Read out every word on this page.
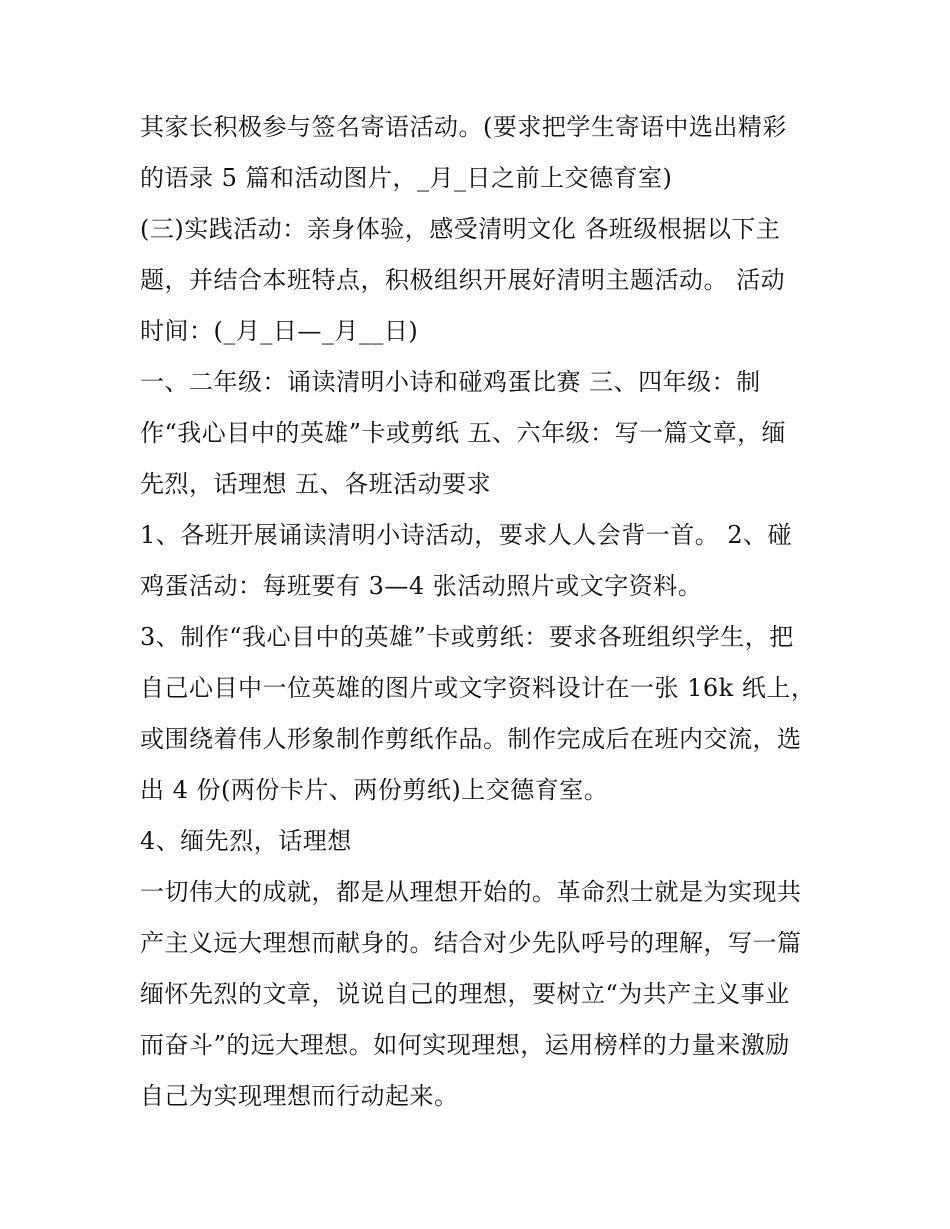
其家长积极参与签名寄语活动。(要求把学生寄语中选出精彩
的语录 5 篇和活动图片，_月_日之前上交德育室)
(三)实践活动：亲身体验，感受清明文化 各班级根据以下主
题，并结合本班特点，积极组织开展好清明主题活动。 活动
时间：(_月_日—_月__日)
一、二年级：诵读清明小诗和碰鸡蛋比赛 三、四年级：制
作“我心目中的英雄”卡或剪纸 五、六年级：写一篇文章，缅
先烈，话理想 五、各班活动要求
1、各班开展诵读清明小诗活动，要求人人会背一首。 2、碰
鸡蛋活动：每班要有 3—4 张活动照片或文字资料。
3、制作“我心目中的英雄”卡或剪纸：要求各班组织学生，把
自己心目中一位英雄的图片或文字资料设计在一张 16k 纸上，
或围绕着伟人形象制作剪纸作品。制作完成后在班内交流，选
出 4 份(两份卡片、两份剪纸)上交德育室。
4、缅先烈，话理想
一切伟大的成就，都是从理想开始的。革命烈士就是为实现共
产主义远大理想而献身的。结合对少先队呼号的理解，写一篇
缅怀先烈的文章，说说自己的理想，要树立“为共产主义事业
而奋斗”的远大理想。如何实现理想，运用榜样的力量来激励
自己为实现理想而行动起来。
